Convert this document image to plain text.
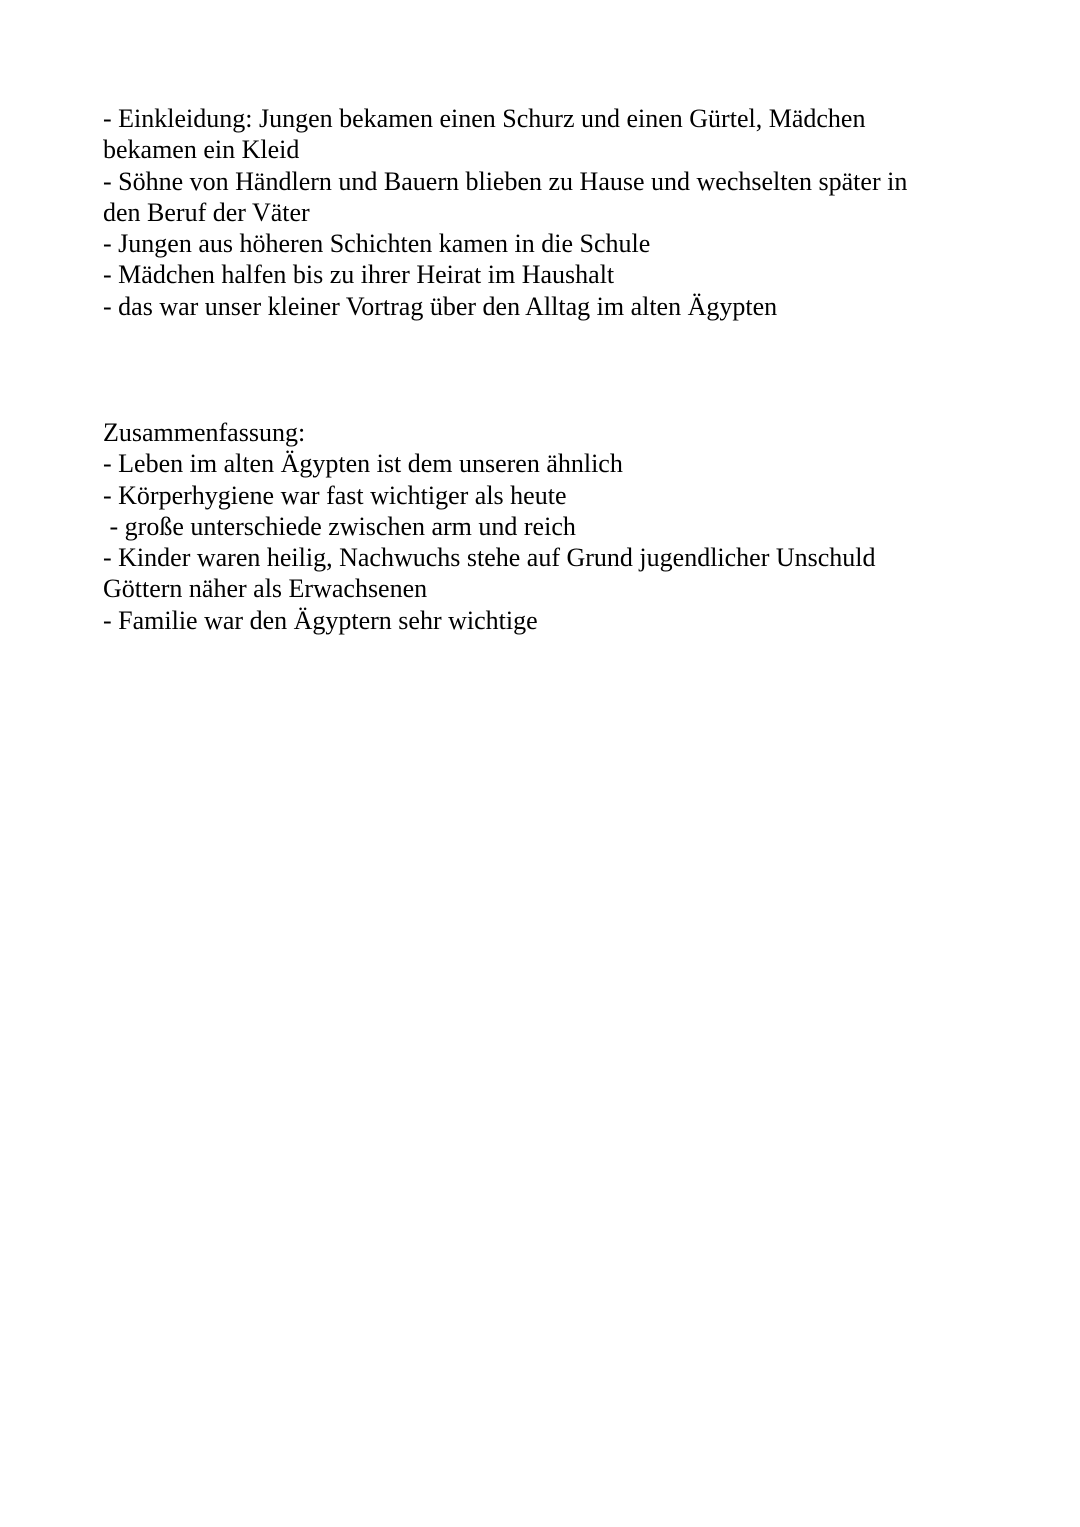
- Einkleidung: Jungen bekamen einen Schurz und einen Gürtel, Mädchen

bekamen ein Kleid

- Söhne von Händlern und Bauern blieben zu Hause und wechselten später in

den Beruf der Väter

- Jungen aus höheren Schichten kamen in die Schule

- Mädchen halfen bis zu ihrer Heirat im Haushalt

- das war unser kleiner Vortrag über den Alltag im alten Ägypten

Zusammenfassung:

- Leben im alten Ägypten ist dem unseren ähnlich

- Körperhygiene war fast wichtiger als heute

- große unterschiede zwischen arm und reich

- Kinder waren heilig, Nachwuchs stehe auf Grund jugendlicher Unschuld

Göttern näher als Erwachsenen

- Familie war den Ägyptern sehr wichtige
